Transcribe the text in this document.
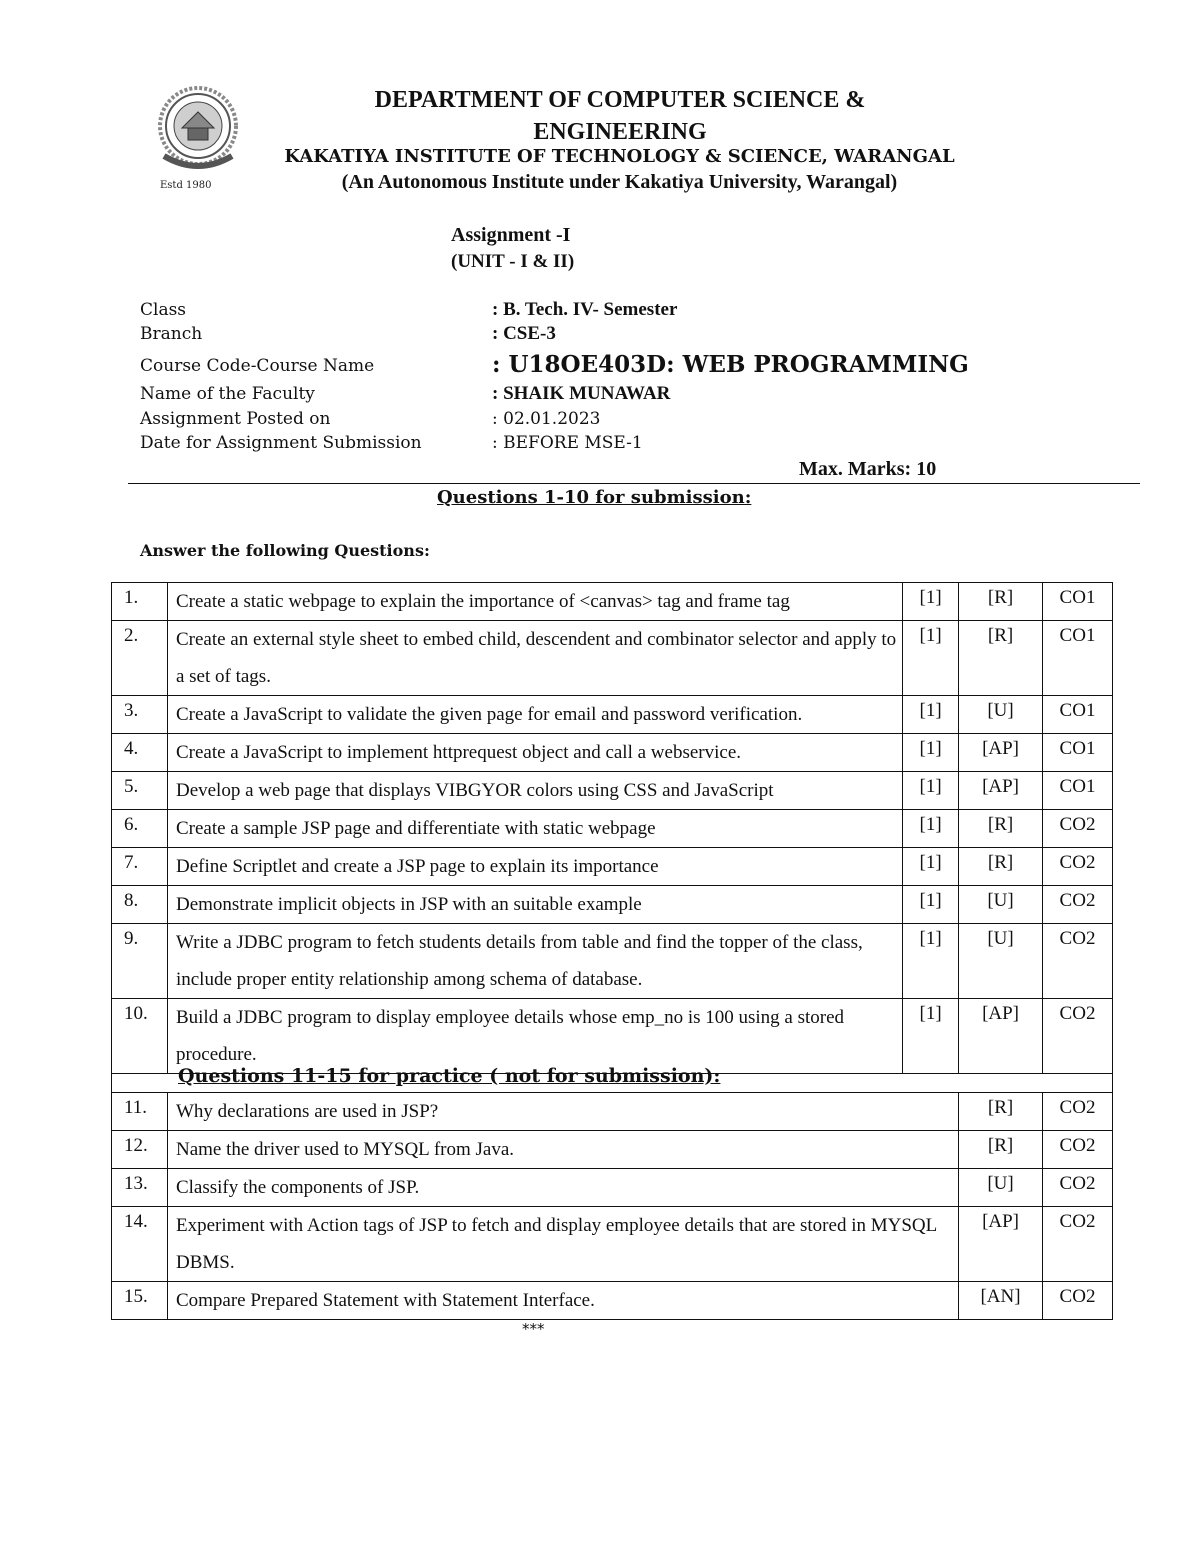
Estd 1980
DEPARTMENT OF COMPUTER SCIENCE & ENGINEERING
KAKATIYA INSTITUTE OF TECHNOLOGY & SCIENCE, WARANGAL
(An Autonomous Institute under Kakatiya University, Warangal)
Assignment -I
(UNIT - I & II)
Class	: B. Tech. IV- Semester
Branch	: CSE-3
Course Code-Course Name	: U18OE403D: WEB PROGRAMMING
Name of the Faculty	: SHAIK MUNAWAR
Assignment Posted on	: 02.01.2023
Date for Assignment Submission	: BEFORE MSE-1
Max. Marks: 10
Questions 1-10 for submission:
Answer the following Questions:
1.	Create a static webpage to explain the importance of <canvas> tag and frame tag	[1]	[R]	CO1
2.	Create an external style sheet to embed child, descendent and combinator selector and apply to a set of tags.	[1]	[R]	CO1
3.	Create a JavaScript to validate the given page for email and password verification.	[1]	[U]	CO1
4.	Create a JavaScript to implement httprequest object and call a webservice.	[1]	[AP]	CO1
5.	Develop a web page that displays VIBGYOR colors using CSS and JavaScript	[1]	[AP]	CO1
6.	Create a sample JSP page and differentiate with static webpage	[1]	[R]	CO2
7.	Define Scriptlet and create a JSP page to explain its importance	[1]	[R]	CO2
8.	Demonstrate implicit objects in JSP with an suitable example	[1]	[U]	CO2
9.	Write a JDBC program to fetch students details from table and find the topper of the class, include proper entity relationship among schema of database.	[1]	[U]	CO2
10.	Build a JDBC program to display employee details whose emp_no is 100 using a stored procedure.	[1]	[AP]	CO2
Questions 11-15 for practice ( not for submission):
11.	Why declarations are used in JSP?	[R]	CO2
12.	Name the driver used to MYSQL from Java.	[R]	CO2
13.	Classify the components of JSP.	[U]	CO2
14.	Experiment with Action tags of JSP to fetch and display employee details that are stored in MYSQL DBMS.	[AP]	CO2
15.	Compare Prepared Statement with Statement Interface.	[AN]	CO2
***
